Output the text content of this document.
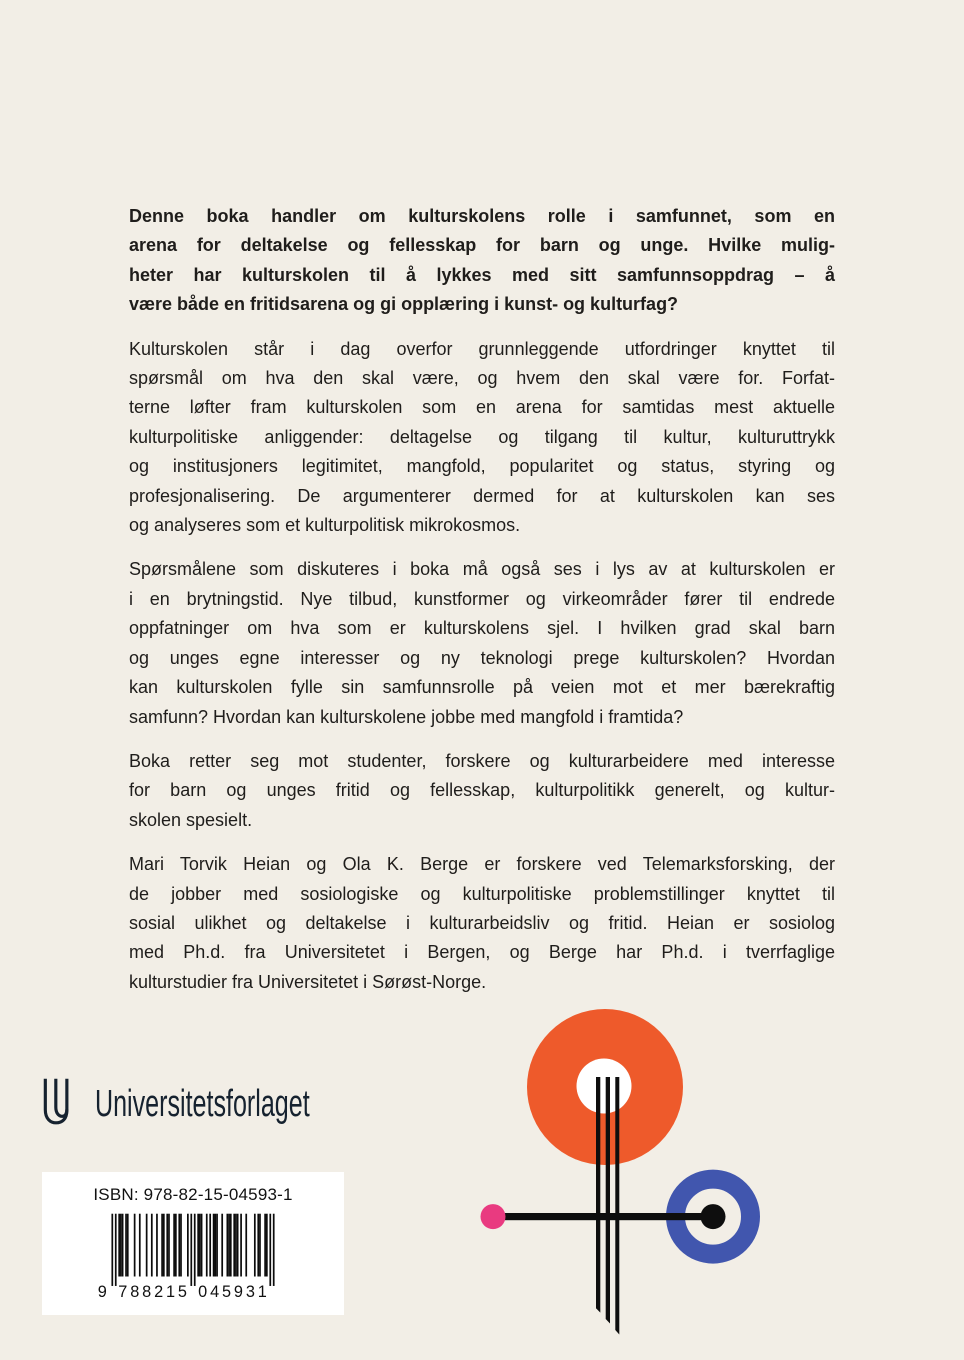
Denne boka handler om kulturskolens rolle i samfunnet, som en
arena for deltakelse og fellesskap for barn og unge. Hvilke mulig-
heter har kulturskolen til å lykkes med sitt samfunnsoppdrag – å
være både en fritidsarena og gi opplæring i kunst- og kulturfag?
Kulturskolen står i dag overfor grunnleggende utfordringer knyttet til
spørsmål om hva den skal være, og hvem den skal være for. Forfat-
terne løfter fram kulturskolen som en arena for samtidas mest aktuelle
kulturpolitiske anliggender: deltagelse og tilgang til kultur, kulturuttrykk
og institusjoners legitimitet, mangfold, popularitet og status, styring og
profesjonalisering. De argumenterer dermed for at kulturskolen kan ses
og analyseres som et kulturpolitisk mikrokosmos.
Spørsmålene som diskuteres i boka må også ses i lys av at kulturskolen er
i en brytningstid. Nye tilbud, kunstformer og virkeområder fører til endrede
oppfatninger om hva som er kulturskolens sjel. I hvilken grad skal barn
og unges egne interesser og ny teknologi prege kulturskolen? Hvordan
kan kulturskolen fylle sin samfunnsrolle på veien mot et mer bærekraftig
samfunn? Hvordan kan kulturskolene jobbe med mangfold i framtida?
Boka retter seg mot studenter, forskere og kulturarbeidere med interesse
for barn og unges fritid og fellesskap, kulturpolitikk generelt, og kultur-
skolen spesielt.
Mari Torvik Heian og Ola K. Berge er forskere ved Telemarksforsking, der
de jobber med sosiologiske og kulturpolitiske problemstillinger knyttet til
sosial ulikhet og deltakelse i kulturarbeidsliv og fritid. Heian er sosiolog
med Ph.d. fra Universitetet i Bergen, og Berge har Ph.d. i tverrfaglige
kulturstudier fra Universitetet i Sørøst-Norge.
Universitetsforlaget
ISBN: 978-82-15-04593-1
9 788215 045931
